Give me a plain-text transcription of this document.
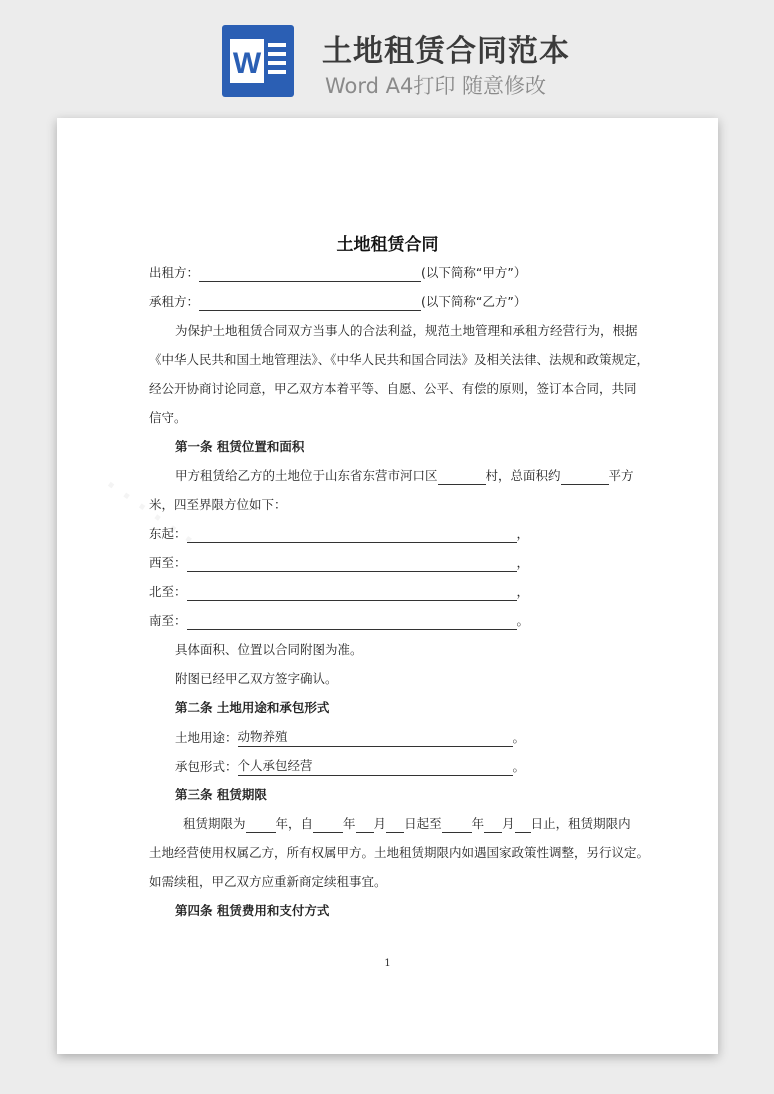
W 土地租赁合同范本
Word A4打印 随意修改
土地租赁合同
出租方：	(以下简称“甲方”）
承租方：	(以下简称“乙方”）
为保护土地租赁合同双方当事人的合法利益，规范土地管理和承租方经营行为，根据
《中华人民共和国土地管理法》、《中华人民共和国合同法》及相关法律、法规和政策规定，
经公开协商讨论同意，甲乙双方本着平等、自愿、公平、有偿的原则，签订本合同，共同
信守。
第一条 租赁位置和面积
甲方租赁给乙方的土地位于山东省东营市河口区	村，总面积约	平方
米，四至界限方位如下：
东起：	，
西至：	，
北至：	，
南至：	。
具体面积、位置以合同附图为准。
附图已经甲乙双方签字确认。
第二条 土地用途和承包形式
土地用途：动物养殖	。
承包形式：个人承包经营	。
第三条 租赁期限
租赁期限为 年，自 年 月 日起至 年 月 日止，租赁期限内
土地经营使用权属乙方，所有权属甲方。土地租赁期限内如遇国家政策性调整，另行议定。
如需续租，甲乙双方应重新商定续租事宜。
第四条 租赁费用和支付方式
1
